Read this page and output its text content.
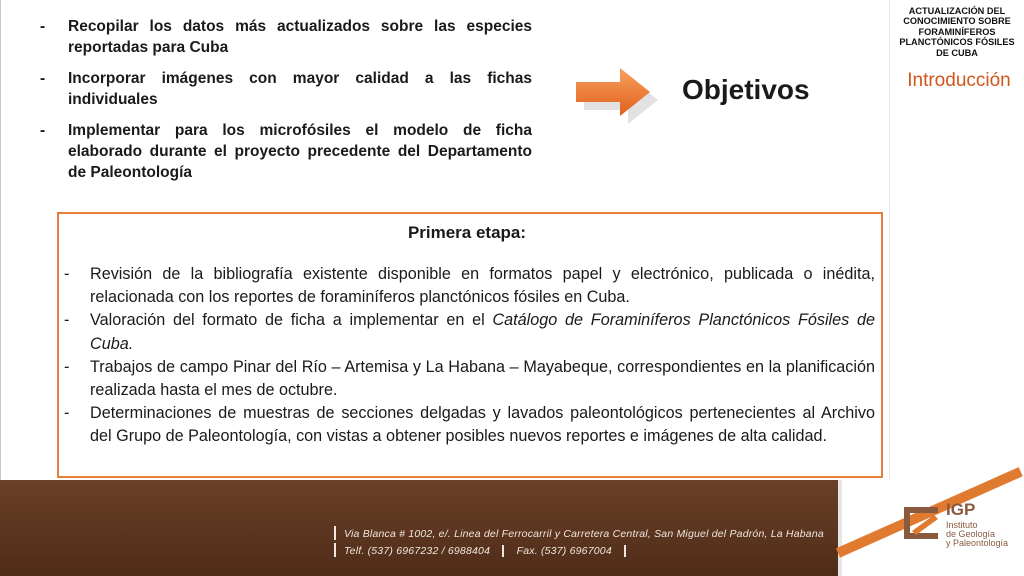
-	Recopilar los datos más actualizados sobre las especies reportadas para Cuba
-	Incorporar imágenes con mayor calidad a las fichas individuales
-	Implementar para los microfósiles el modelo de ficha elaborado durante el proyecto precedente del Departamento de Paleontología
Objetivos
ACTUALIZACIÓN DEL CONOCIMIENTO SOBRE FORAMINÍFEROS PLANCTÓNICOS FÓSILES DE CUBA
Introducción
Primera etapa:
-	Revisión de la bibliografía existente disponible en formatos papel y electrónico, publicada o inédita, relacionada con los reportes de foraminíferos planctónicos fósiles en Cuba.
-	Valoración del formato de ficha a implementar en el Catálogo de Foraminíferos Planctónicos Fósiles de Cuba.
-	Trabajos de campo Pinar del Río – Artemisa y La Habana – Mayabeque, correspondientes en la planificación realizada hasta el mes de octubre.
-	Determinaciones de muestras de secciones delgadas y lavados paleontológicos pertenecientes al Archivo del Grupo de Paleontología, con vistas a obtener posibles nuevos reportes e imágenes de alta calidad.
Via Blanca # 1002, e/. Linea del Ferrocarril y Carretera Central, San Miguel del Padrón, La Habana
Telf. (537) 6967232 / 6988404	Fax. (537) 6967004
IGP
Instituto
de Geología
y Paleontología
